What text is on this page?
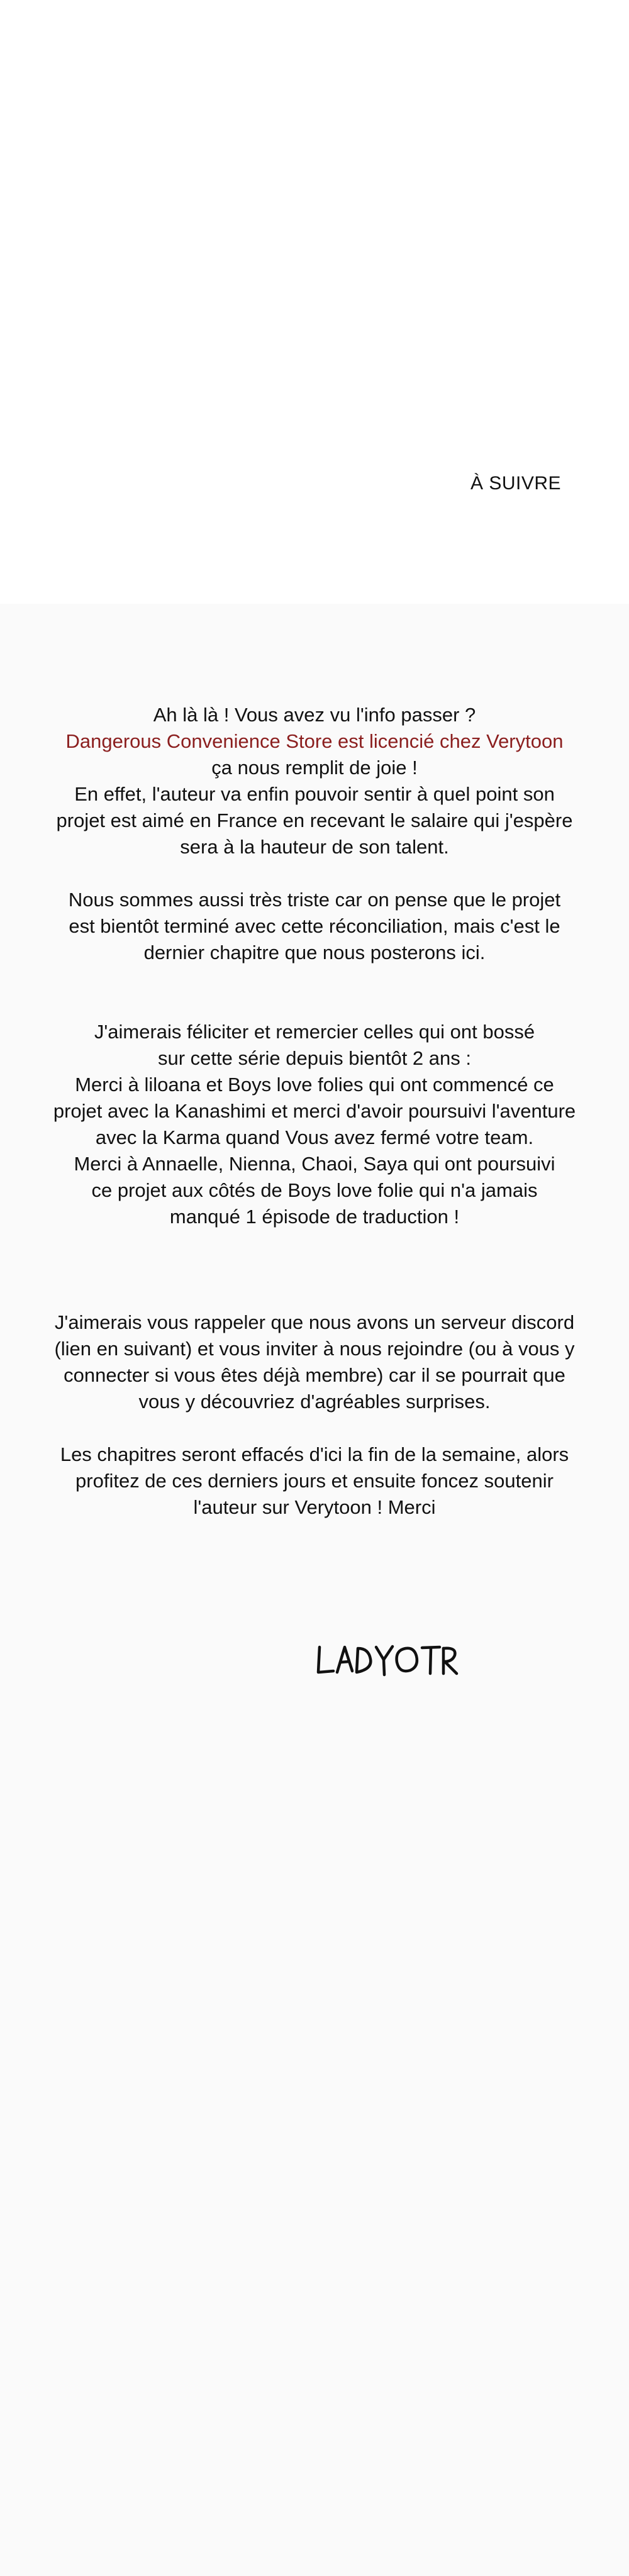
À SUIVRE

Ah là là ! Vous avez vu l'info passer ?
Dangerous Convenience Store est licencié chez Verytoon
ça nous remplit de joie !
En effet, l'auteur va enfin pouvoir sentir à quel point son
projet est aimé en France en recevant le salaire qui j'espère
sera à la hauteur de son talent.

Nous sommes aussi très triste car on pense que le projet
est bientôt terminé avec cette réconciliation, mais c'est le
dernier chapitre que nous posterons ici.

J'aimerais féliciter et remercier celles qui ont bossé
sur cette série depuis bientôt 2 ans :
Merci à liloana et Boys love folies qui ont commencé ce
projet avec la Kanashimi et merci d'avoir poursuivi l'aventure
avec la Karma quand Vous avez fermé votre team.
Merci à Annaelle, Nienna, Chaoi, Saya qui ont poursuivi
ce projet aux côtés de Boys love folie qui n'a jamais
manqué 1 épisode de traduction !

J'aimerais vous rappeler que nous avons un serveur discord
(lien en suivant) et vous inviter à nous rejoindre (ou à vous y
connecter si vous êtes déjà membre) car il se pourrait que
vous y découvriez d'agréables surprises.

Les chapitres seront effacés d'ici la fin de la semaine, alors
profitez de ces derniers jours et ensuite foncez soutenir
l'auteur sur Verytoon ! Merci
